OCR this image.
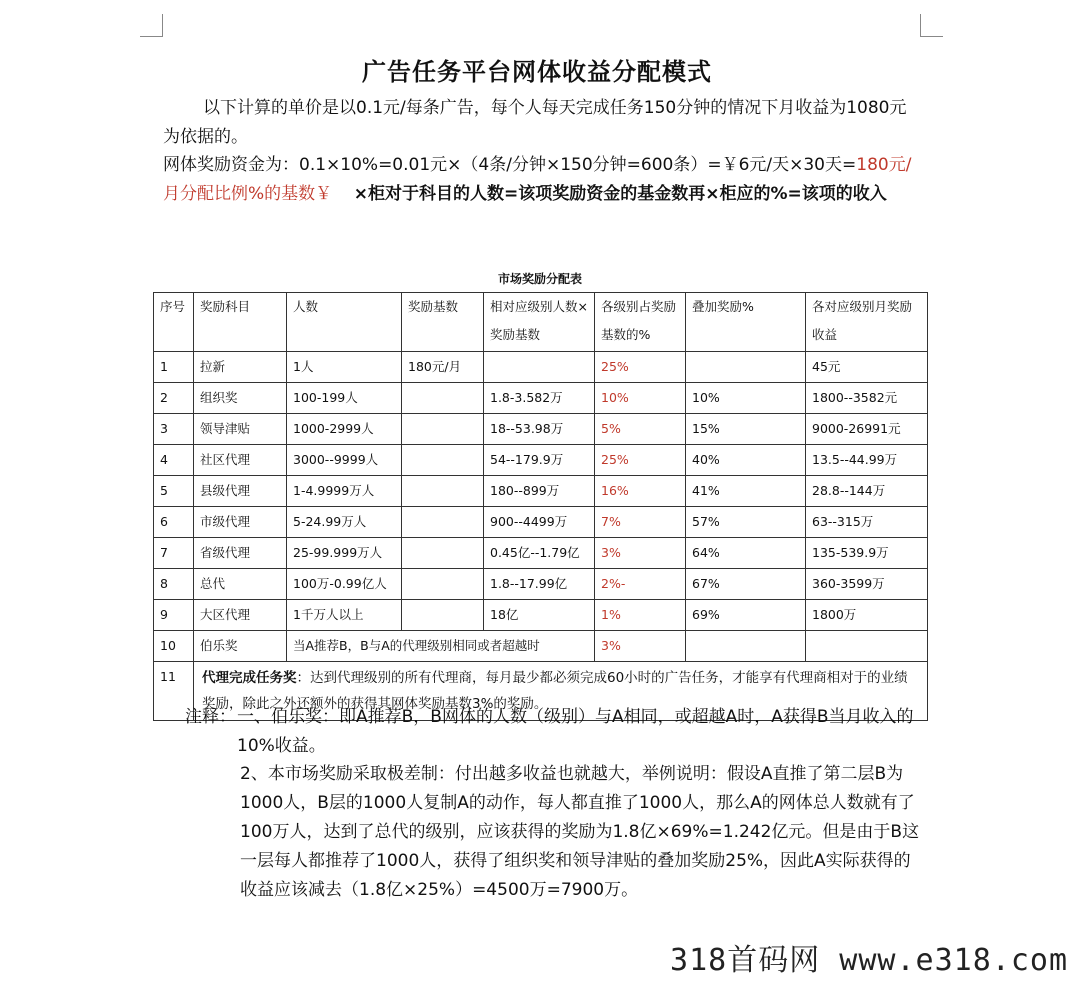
广告任务平台网体收益分配模式
以下计算的单价是以0.1元/每条广告，每个人每天完成任务150分钟的情况下月收益为1080元为依据的。
网体奖励资金为：0.1×10%=0.01元×（4条/分钟×150分钟=600条）=￥6元/天×30天=180元/月分配比例%的基数￥ ×柜对于科目的人数=该项奖励资金的基金数再×柜应的%=该项的收入
市场奖励分配表
序号	奖励科目	人数	奖励基数	相对应级别人数×奖励基数	各级别占奖励基数的%	叠加奖励%	各对应级别月奖励收益
1	拉新	1人	180元/月		25%		45元
2	组织奖	100-199人		1.8-3.582万	10%	10%	1800--3582元
3	领导津贴	1000-2999人		18--53.98万	5%	15%	9000-26991元
4	社区代理	3000--9999人		54--179.9万	25%	40%	13.5--44.99万
5	县级代理	1-4.9999万人		180--899万	16%	41%	28.8--144万
6	市级代理	5-24.99万人		900--4499万	7%	57%	63--315万
7	省级代理	25-99.999万人		0.45亿--1.79亿	3%	64%	135-539.9万
8	总代	100万-0.99亿人		1.8--17.99亿	2%-	67%	360-3599万
9	大区代理	1千万人以上		18亿	1%	69%	1800万
10	伯乐奖	当A推荐B，B与A的代理级别相同或者超越时			3%		
11	代理完成任务奖：达到代理级别的所有代理商，每月最少都必须完成60小时的广告任务，才能享有代理商相对于的业绩奖励，除此之外还额外的获得其网体奖励基数3%的奖励。						
注释： 一、伯乐奖：即A推荐B，B网体的人数（级别）与A相同，或超越A时，A获得B当月收入的10%收益。
2、本市场奖励采取极差制：付出越多收益也就越大，举例说明：假设A直推了第二层B为1000人，B层的1000人复制A的动作，每人都直推了1000人，那么A的网体总人数就有了100万人，达到了总代的级别，应该获得的奖励为1.8亿×69%=1.242亿元。但是由于B这一层每人都推荐了1000人，获得了组织奖和领导津贴的叠加奖励25%，因此A实际获得的收益应该减去（1.8亿×25%）=4500万=7900万。
318首码网 www.e318.com
